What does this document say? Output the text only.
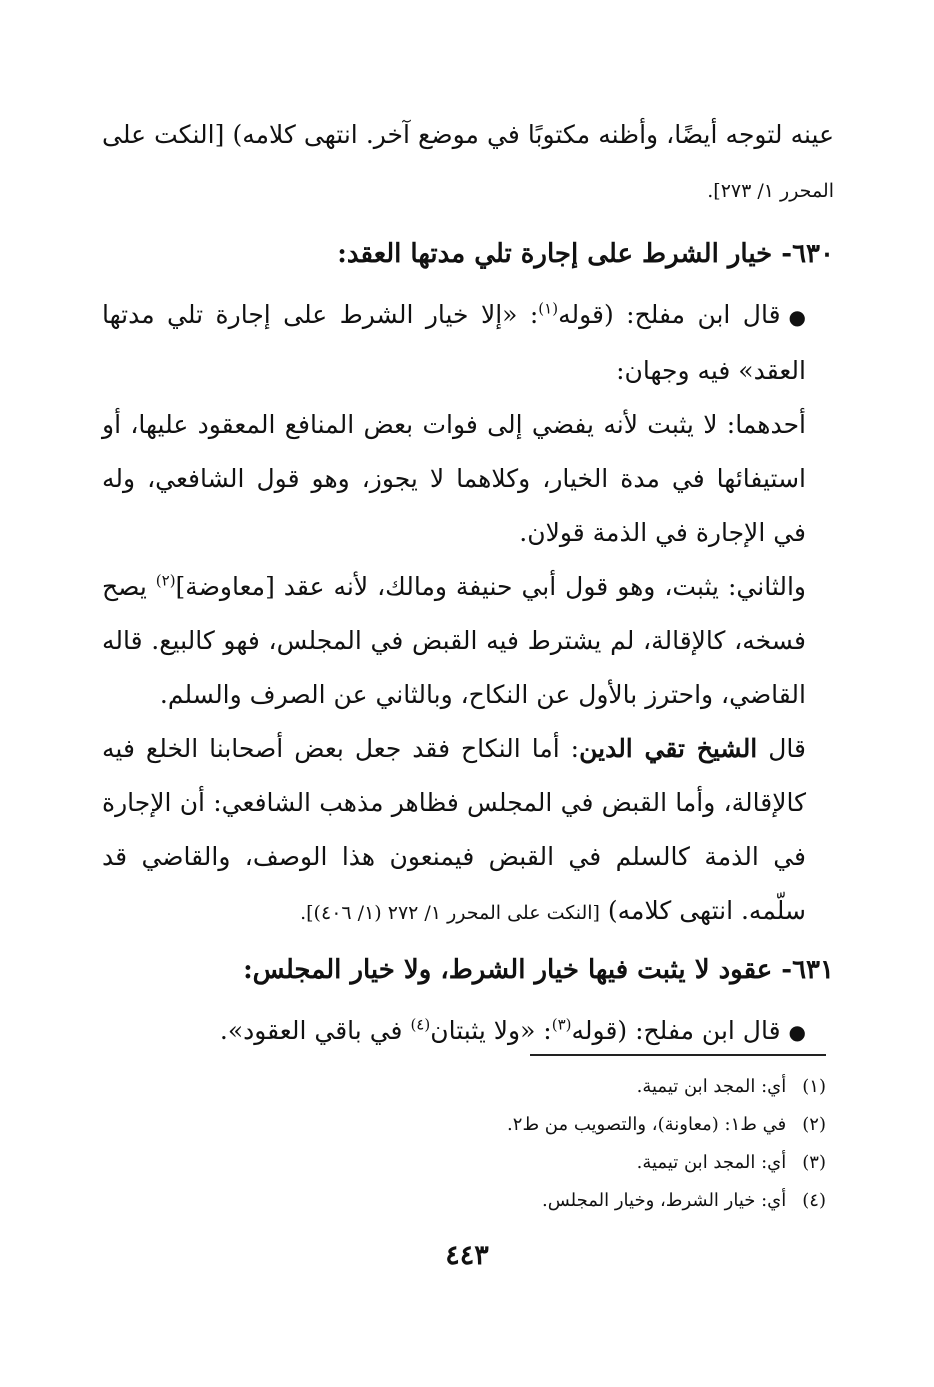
عينه لتوجه أيضًا، وأظنه مكتوبًا في موضع آخر. انتهى كلامه) [النكت على المحرر ١/ ٢٧٣].

٦٣٠- خيار الشرط على إجارة تلي مدتها العقد:

●قال ابن مفلح: (قوله$^{(١)}$: «إلا خيار الشرط على إجارة تلي مدتها العقد» فيه وجهان:

أحدهما: لا يثبت لأنه يفضي إلى فوات بعض المنافع المعقود عليها، أو استيفائها في مدة الخيار، وكلاهما لا يجوز، وهو قول الشافعي، وله في الإجارة في الذمة قولان.

والثاني: يثبت، وهو قول أبي حنيفة ومالك، لأنه عقد [معاوضة]$^{(٢)}$ يصح فسخه، كالإقالة، لم يشترط فيه القبض في المجلس، فهو كالبيع. قاله القاضي، واحترز بالأول عن النكاح، وبالثاني عن الصرف والسلم.

قال الشيخ تقي الدين: أما النكاح فقد جعل بعض أصحابنا الخلع فيه كالإقالة، وأما القبض في المجلس فظاهر مذهب الشافعي: أن الإجارة في الذمة كالسلم في القبض فيمنعون هذا الوصف، والقاضي قد سلّمه. انتهى كلامه) [النكت على المحرر ١/ ٢٧٢ (١/ ٤٠٦)].

٦٣١- عقود لا يثبت فيها خيار الشرط، ولا خيار المجلس:

●قال ابن مفلح: (قوله$^{(٣)}$: «ولا يثبتان$^{(٤)}$ في باقي العقود».

(١) أي: المجد ابن تيمية.

(٢) في ط١: (معاونة)، والتصويب من ط٢.

(٣) أي: المجد ابن تيمية.

(٤) أي: خيار الشرط، وخيار المجلس.

٤٤٣
